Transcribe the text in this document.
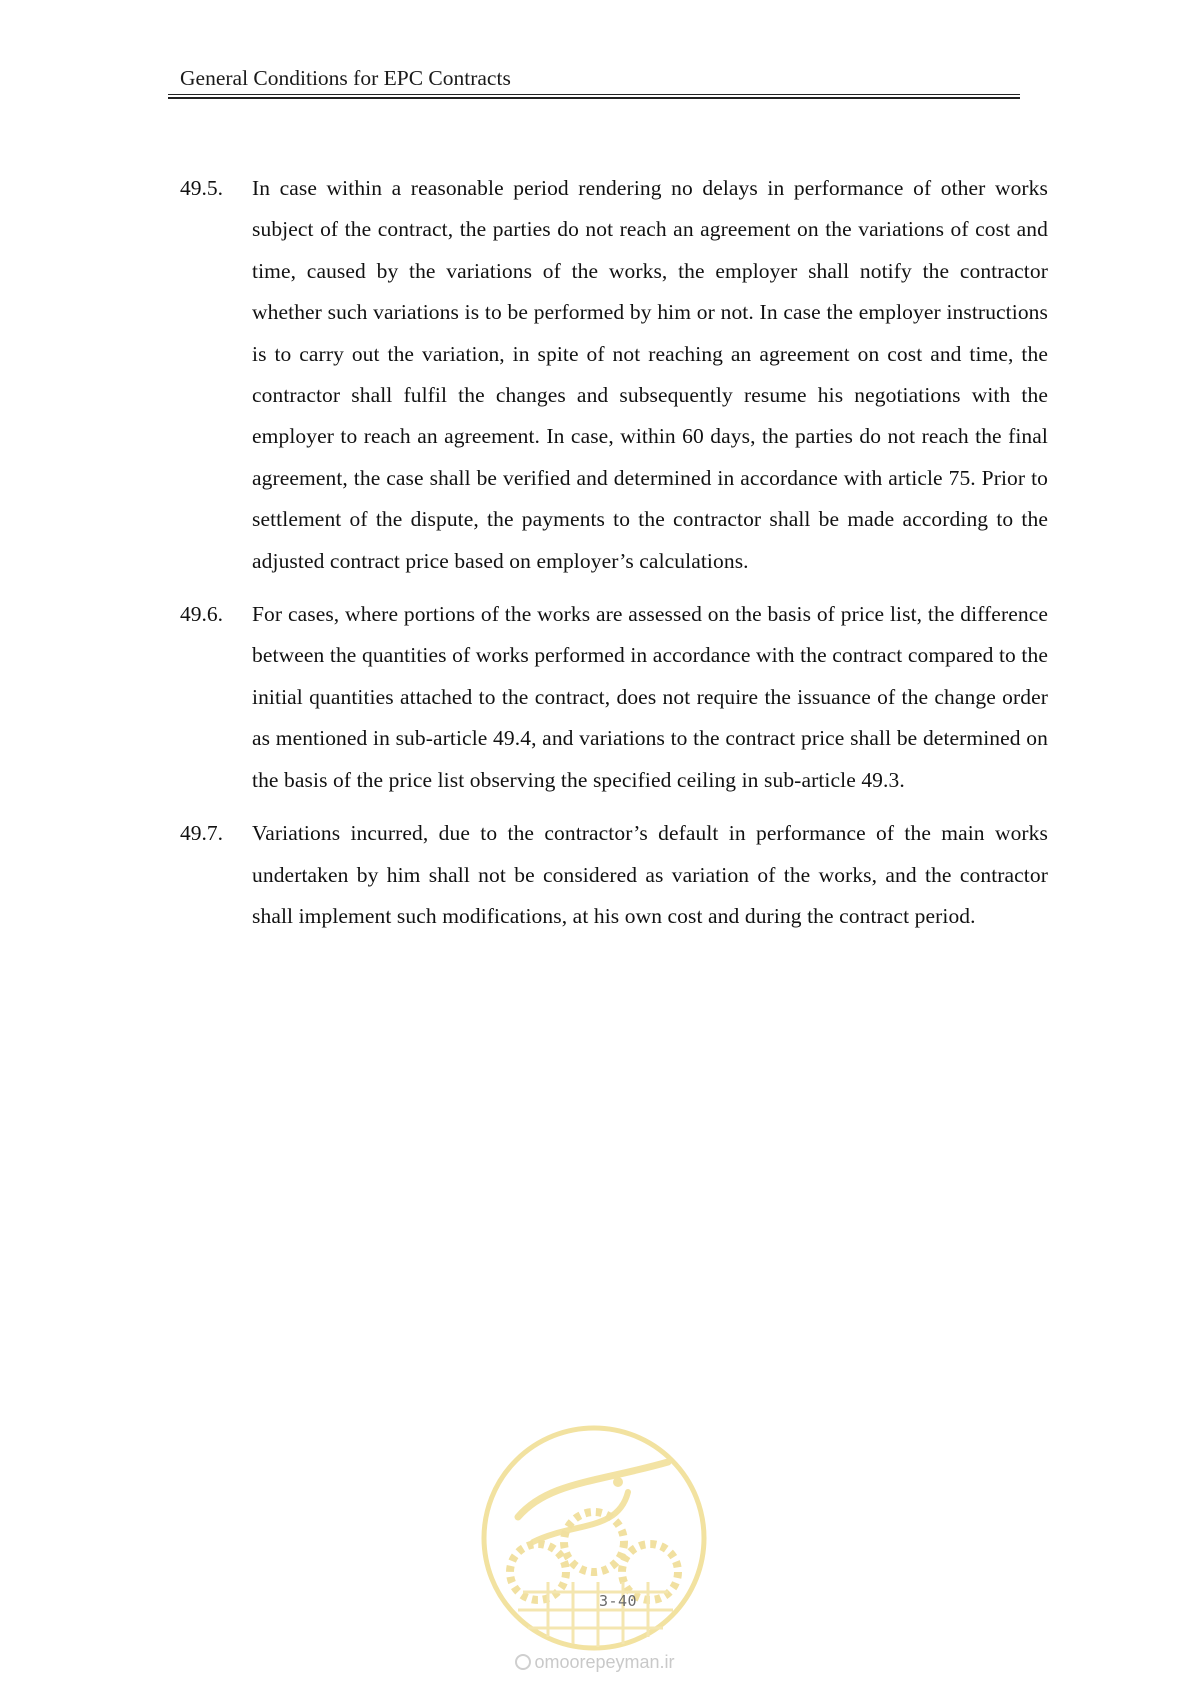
General Conditions for EPC Contracts
49.5.	In case within a reasonable period rendering no delays in performance of other works subject of the contract, the parties do not reach an agreement on the variations of cost and time, caused by the variations of the works, the employer shall notify the contractor whether such variations is to be performed by him or not. In case the employer instructions is to carry out the variation, in spite of not reaching an agreement on cost and time, the contractor shall fulfil the changes and subsequently resume his negotiations with the employer to reach an agreement. In case, within 60 days, the parties do not reach the final agreement, the case shall be verified and determined in accordance with article 75. Prior to settlement of the dispute, the payments to the contractor shall be made according to the adjusted contract price based on employer’s calculations.
49.6.	For cases, where portions of the works are assessed on the basis of price list, the difference between the quantities of works performed in accordance with the contract compared to the initial quantities attached to the contract, does not require the issuance of the change order as mentioned in sub-article 49.4, and variations to the contract price shall be determined on the basis of the price list observing the specified ceiling in sub-article 49.3.
49.7.	Variations incurred, due to the contractor’s default in performance of the main works undertaken by him shall not be considered as variation of the works, and the contractor shall implement such modifications, at his own cost and during the contract period.
3-40
omoorepeyman.ir
